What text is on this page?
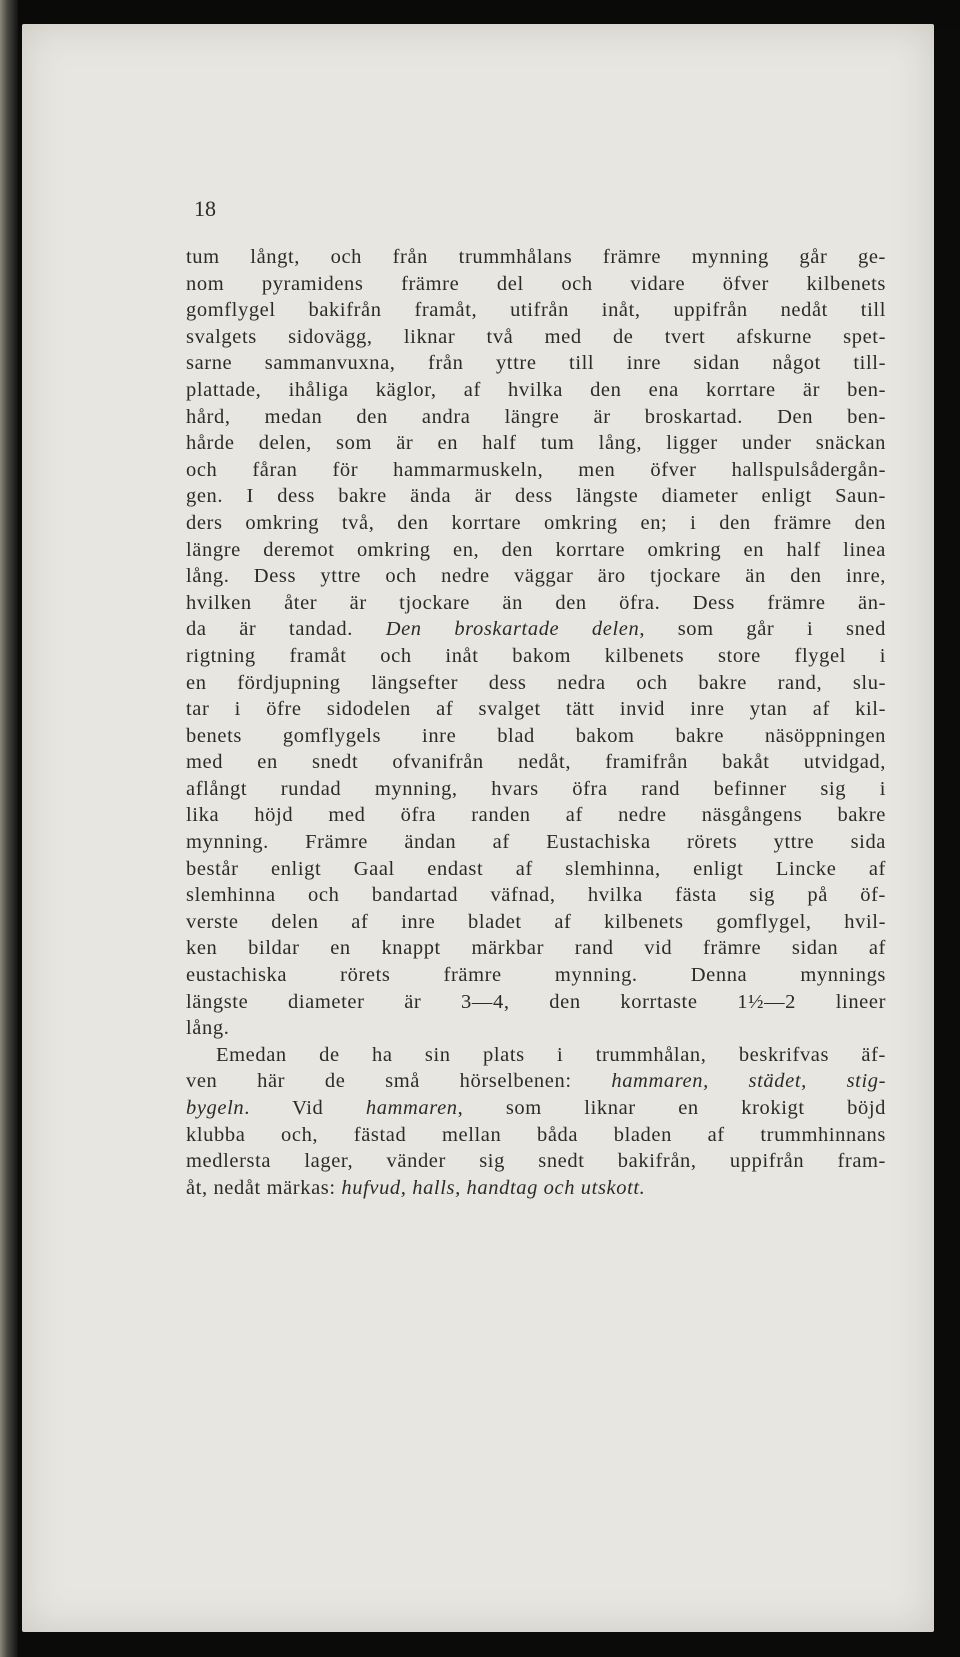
18
tum långt, och från trummhålans främre mynning går ge-
nom pyramidens främre del och vidare öfver kilbenets
gomflygel bakifrån framåt, utifrån inåt, uppifrån nedåt till
svalgets sidovägg, liknar två med de tvert afskurne spet-
sarne sammanvuxna, från yttre till inre sidan något till-
plattade, ihåliga käglor, af hvilka den ena korrtare är ben-
hård, medan den andra längre är broskartad. Den ben-
hårde delen, som är en half tum lång, ligger under snäckan
och fåran för hammarmuskeln, men öfver hallspulsådergån-
gen. I dess bakre ända är dess längste diameter enligt Saun-
ders omkring två, den korrtare omkring en; i den främre den
längre deremot omkring en, den korrtare omkring en half linea
lång. Dess yttre och nedre väggar äro tjockare än den inre,
hvilken åter är tjockare än den öfra. Dess främre än-
da är tandad. Den broskartade delen, som går i sned
rigtning framåt och inåt bakom kilbenets store flygel i
en fördjupning längsefter dess nedra och bakre rand, slu-
tar i öfre sidodelen af svalget tätt invid inre ytan af kil-
benets gomflygels inre blad bakom bakre näsöppningen
med en snedt ofvanifrån nedåt, framifrån bakåt utvidgad,
aflångt rundad mynning, hvars öfra rand befinner sig i
lika höjd med öfra randen af nedre näsgångens bakre
mynning. Främre ändan af Eustachiska rörets yttre sida
består enligt Gaal endast af slemhinna, enligt Lincke af
slemhinna och bandartad väfnad, hvilka fästa sig på öf-
verste delen af inre bladet af kilbenets gomflygel, hvil-
ken bildar en knappt märkbar rand vid främre sidan af
eustachiska rörets främre mynning. Denna mynnings
längste diameter är 3—4, den korrtaste 1½—2 lineer
lång.
Emedan de ha sin plats i trummhålan, beskrifvas äf-
ven här de små hörselbenen: hammaren, städet, stig-
bygeln. Vid hammaren, som liknar en krokigt böjd
klubba och, fästad mellan båda bladen af trummhinnans
medlersta lager, vänder sig snedt bakifrån, uppifrån fram-
åt, nedåt märkas: hufvud, halls, handtag och utskott.
